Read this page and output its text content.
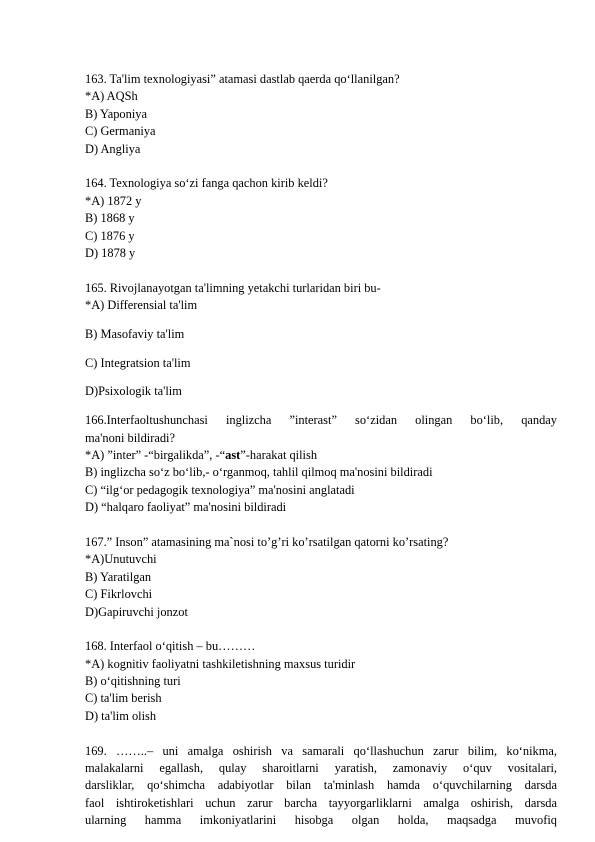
163. Ta'lim texnologiyasi” atamasi dastlab qaerda qo‘llanilgan?
*A) AQSh
B) Yaponiya
C) Germaniya
D) Angliya
164. Texnologiya so‘zi fanga qachon kirib keldi?
*A) 1872 y
B) 1868 y
C) 1876 y
D) 1878 y
165. Rivojlanayotgan ta'limning yetakchi turlaridan biri bu-
*A) Differensial ta'lim
B) Masofaviy ta'lim
C) Integratsion ta'lim
D)Psixologik ta'lim
166.Interfaoltushunchasi inglizcha ”interast” so‘zidan olingan bo‘lib, qanday
ma'noni bildiradi?
*A) ”inter” -“birgalikda”, -“ast”-harakat qilish
B) inglizcha so‘z bo‘lib,- o‘rganmoq, tahlil qilmoq ma'nosini bildiradi
C) “ilg‘or pedagogik texnologiya” ma'nosini anglatadi
D) “halqaro faoliyat” ma'nosini bildiradi
167.” Inson” atamasining ma`nosi to’g’ri ko’rsatilgan qatorni ko’rsating?
*A)Unutuvchi
B) Yaratilgan
C) Fikrlovchi
D)Gapiruvchi jonzot
168. Interfaol o‘qitish – bu………
*A) kognitiv faoliyatni tashkiletishning maxsus turidir
B) o‘qitishning turi
C) ta'lim berish
D) ta'lim olish
169. ……..– uni amalga oshirish va samarali qo‘llashuchun zarur bilim, ko‘nikma,
malakalarni egallash, qulay sharoitlarni yaratish, zamonaviy o‘quv vositalari,
darsliklar, qo‘shimcha adabiyotlar bilan ta'minlash hamda o‘quvchilarning darsda
faol ishtiroketishlari uchun zarur barcha tayyorgarliklarni amalga oshirish, darsda
ularning hamma imkoniyatlarini hisobga olgan holda, maqsadga muvofiq
